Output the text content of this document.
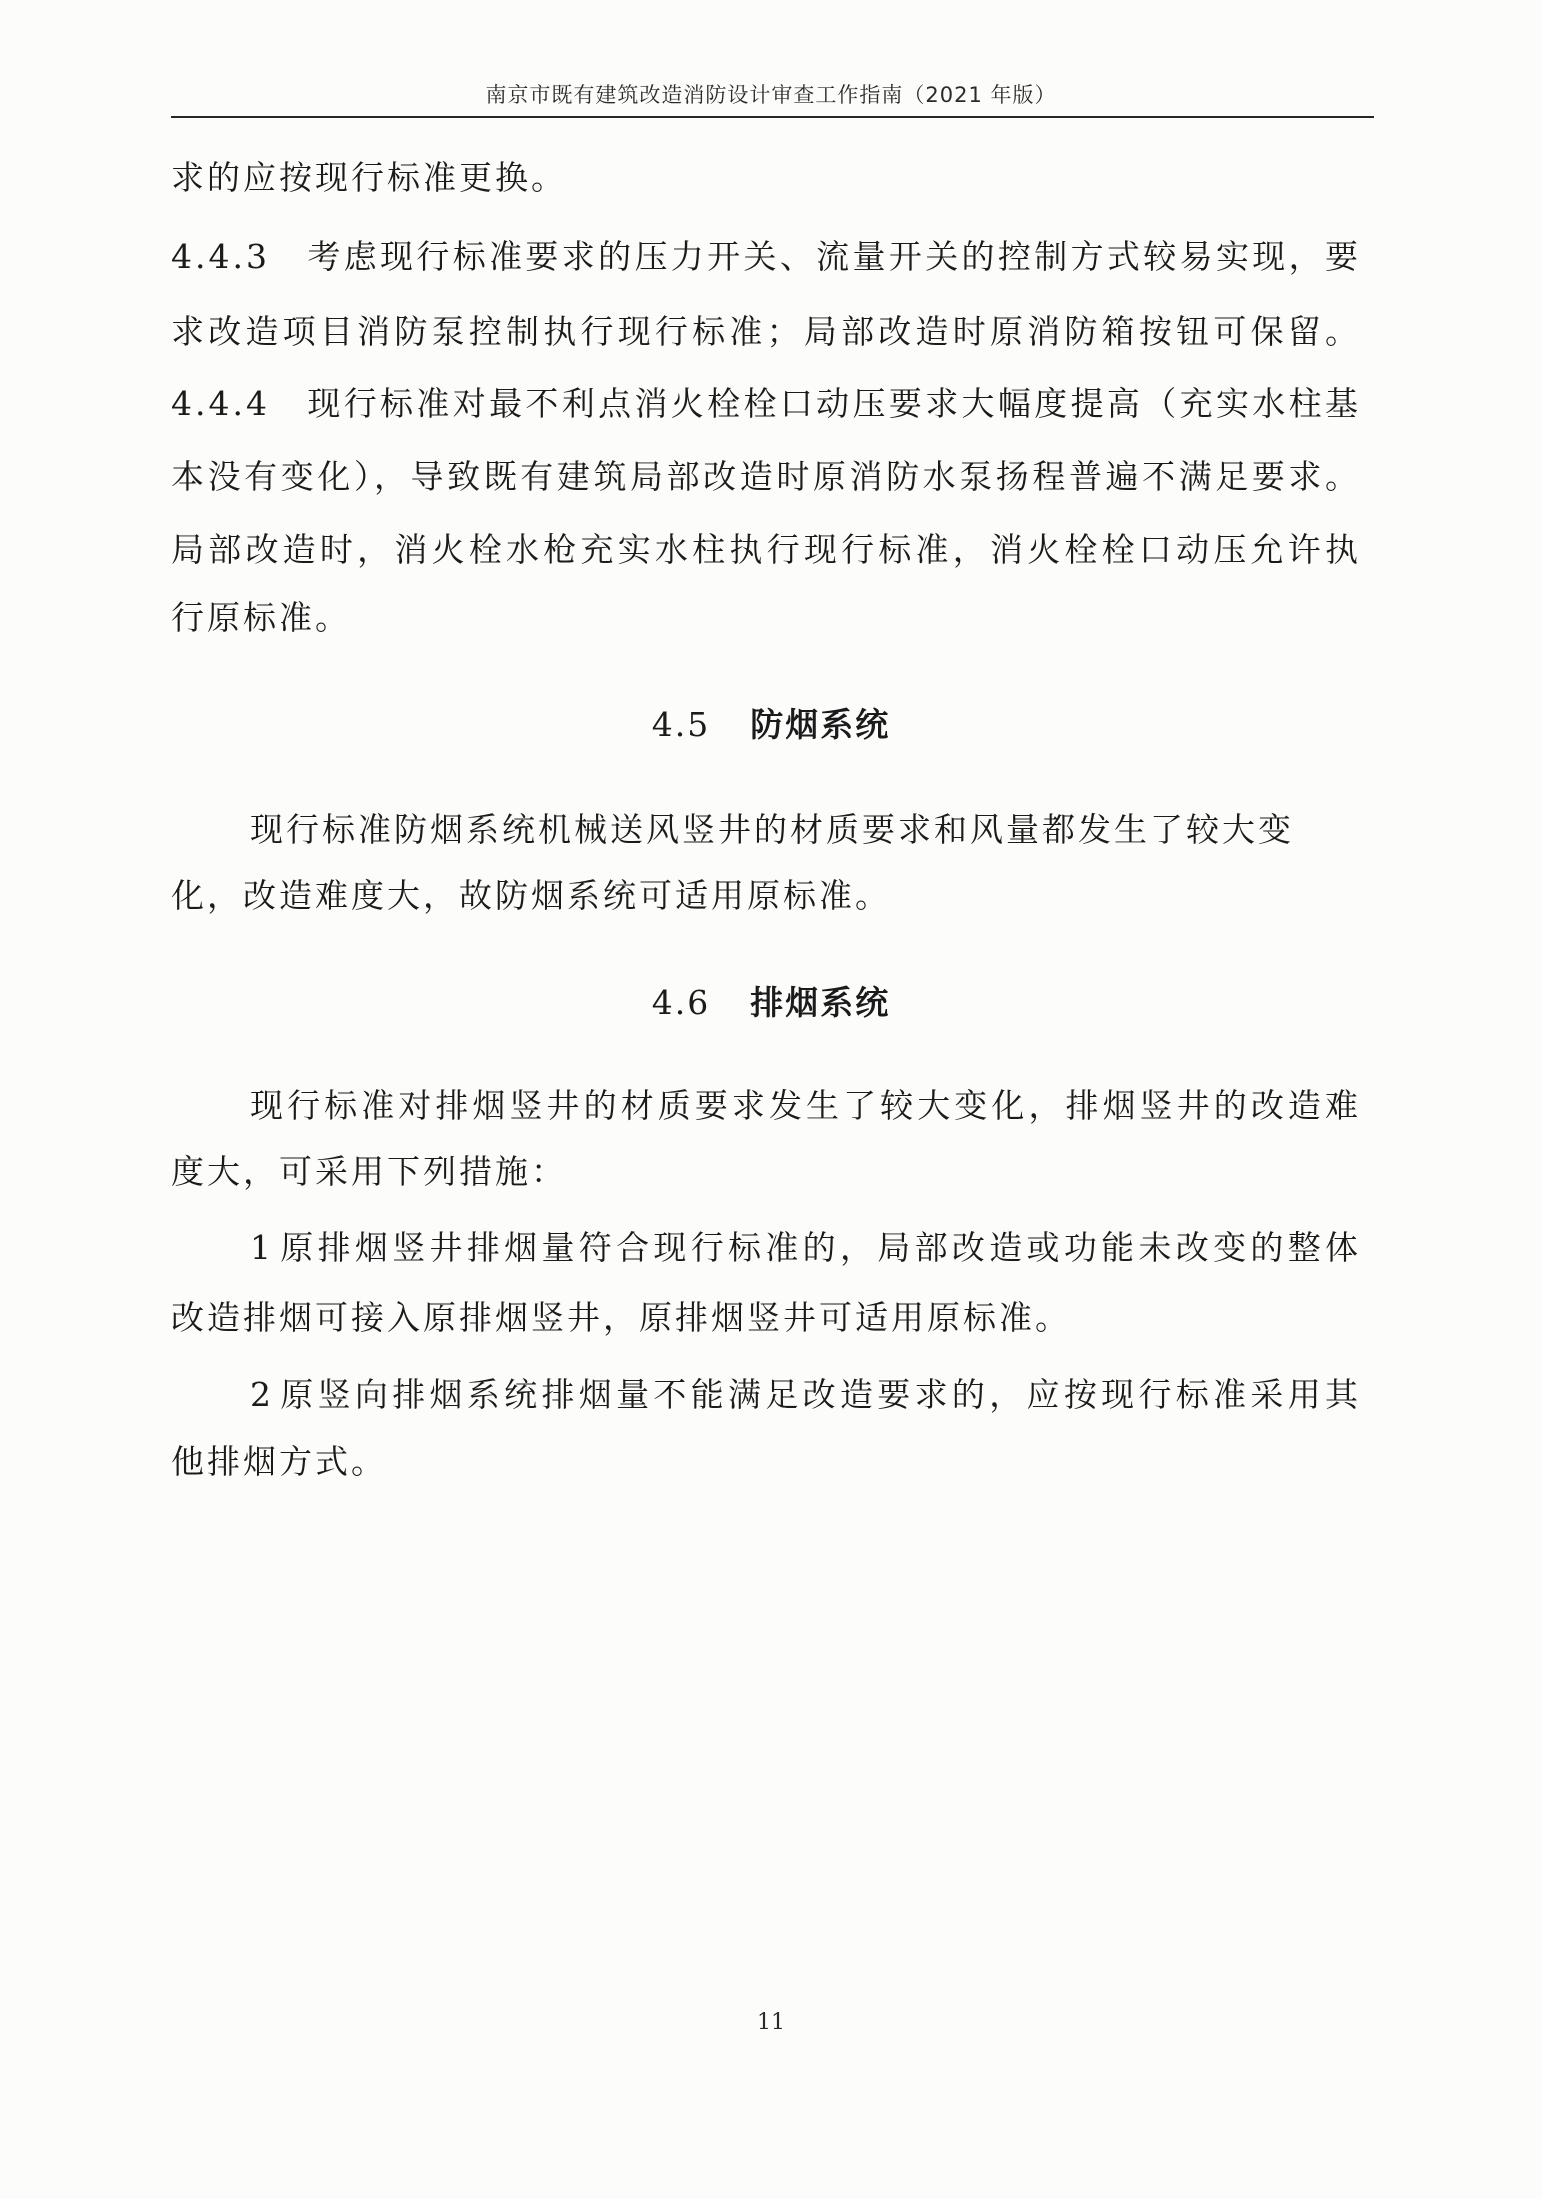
南京市既有建筑改造消防设计审查工作指南（2021 年版）
求的应按现行标准更换。
4.4.3 考虑现行标准要求的压力开关、流量开关的控制方式较易实现，要
求改造项目消防泵控制执行现行标准；局部改造时原消防箱按钮可保留。
4.4.4 现行标准对最不利点消火栓栓口动压要求大幅度提高（充实水柱基
本没有变化），导致既有建筑局部改造时原消防水泵扬程普遍不满足要求。
局部改造时，消火栓水枪充实水柱执行现行标准，消火栓栓口动压允许执
行原标准。
4.5 防烟系统
现行标准防烟系统机械送风竖井的材质要求和风量都发生了较大变
化，改造难度大，故防烟系统可适用原标准。
4.6 排烟系统
现行标准对排烟竖井的材质要求发生了较大变化，排烟竖井的改造难
度大，可采用下列措施：
1 原排烟竖井排烟量符合现行标准的，局部改造或功能未改变的整体
改造排烟可接入原排烟竖井，原排烟竖井可适用原标准。
2 原竖向排烟系统排烟量不能满足改造要求的，应按现行标准采用其
他排烟方式。
11
